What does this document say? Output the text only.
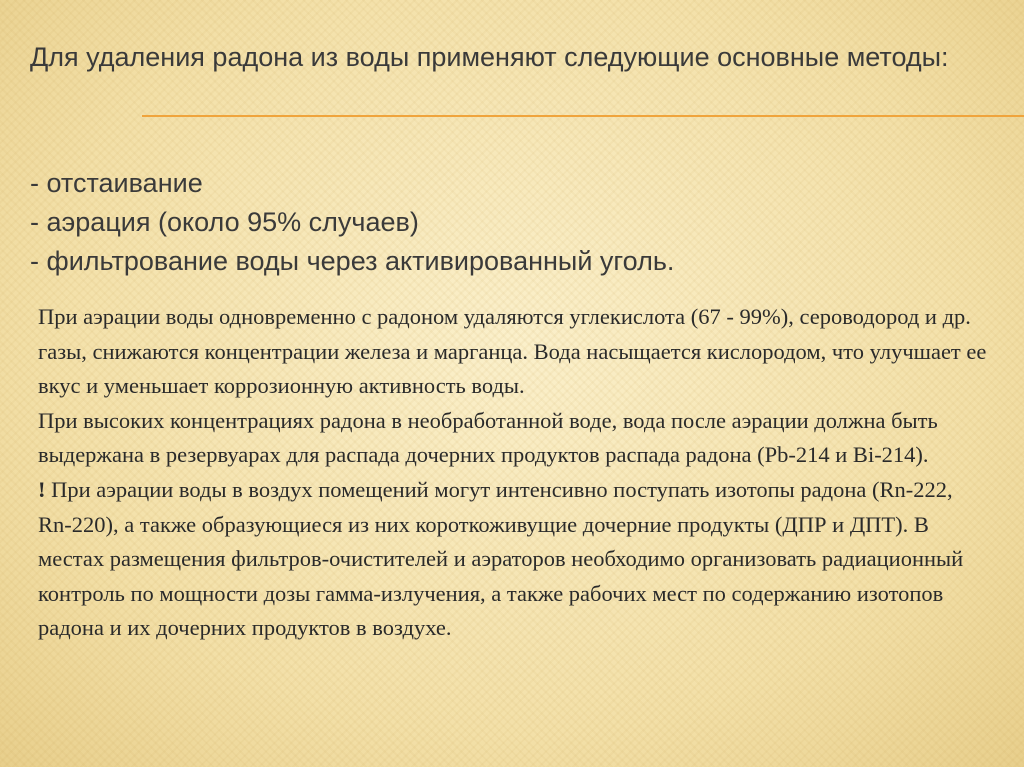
Для удаления радона из воды применяют следующие основные методы:
- отстаивание
- аэрация (около 95% случаев)
- фильтрование воды через активированный уголь.

При аэрации воды одновременно с радоном удаляются углекислота (67 - 99%), сероводород и др. газы, снижаются концентрации железа и марганца. Вода насыщается кислородом, что улучшает ее вкус и уменьшает коррозионную активность воды.

При высоких концентрациях радона в необработанной воде, вода после аэрации должна быть выдержана в резервуарах для распада дочерних продуктов распада радона (Pb-214 и Bi-214).

! При аэрации воды в воздух помещений могут интенсивно поступать изотопы радона (Rn-222, Rn-220), а также образующиеся из них короткоживущие дочерние продукты (ДПР и ДПТ). В местах размещения фильтров-очистителей и аэраторов необходимо организовать радиационный контроль по мощности дозы гамма-излучения, а также рабочих мест по содержанию изотопов радона и их дочерних продуктов в воздухе.
